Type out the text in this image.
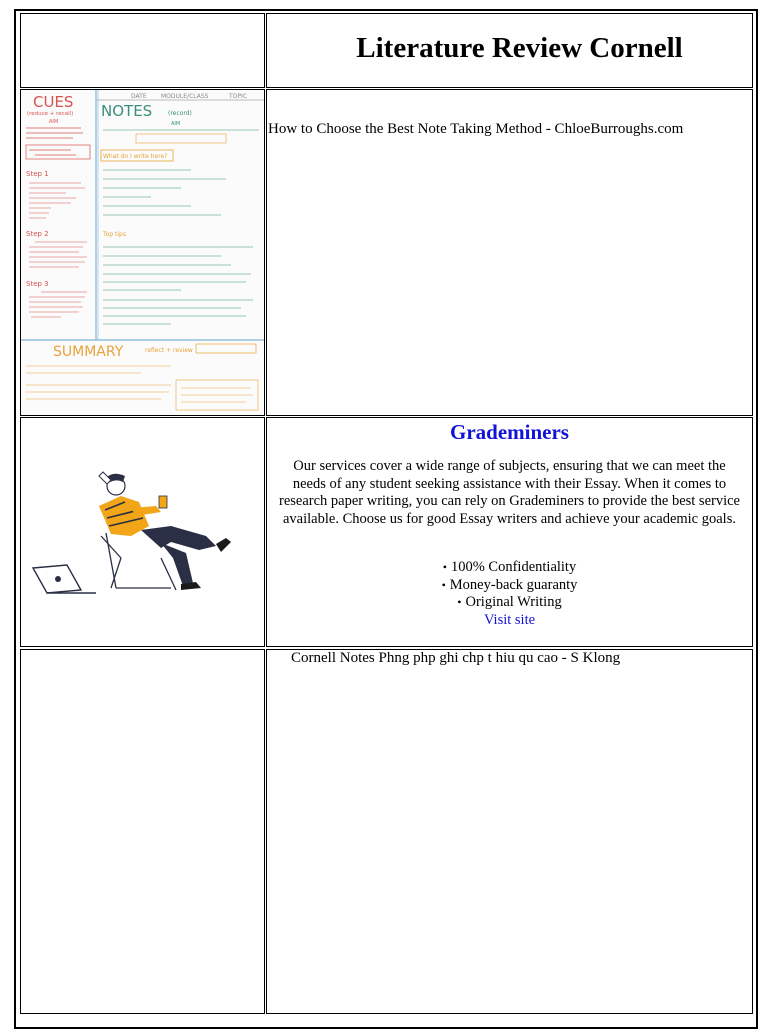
Literature Review Cornell
DATE MODULE/CLASS	TOPIC
CUES
(reduce + recall)
AIM
Step 1
Step 2
Step 3
NOTES	(record)
AIM
What do I write here?
Top tips
SUMMARY	reflect + review
How to Choose the Best Note Taking Method - ChloeBurroughs.com
Grademiners
Our services cover a wide range of subjects, ensuring that we can meet the needs of any student seeking assistance with their Essay. When it comes to research paper writing, you can rely on Grademiners to provide the best service available. Choose us for good Essay writers and achieve your academic goals.
• 100% Confidentiality
• Money-back guaranty
• Original Writing
Visit site
Cornell Notes Phng php ghi chp t hiu qu cao - S Klong
